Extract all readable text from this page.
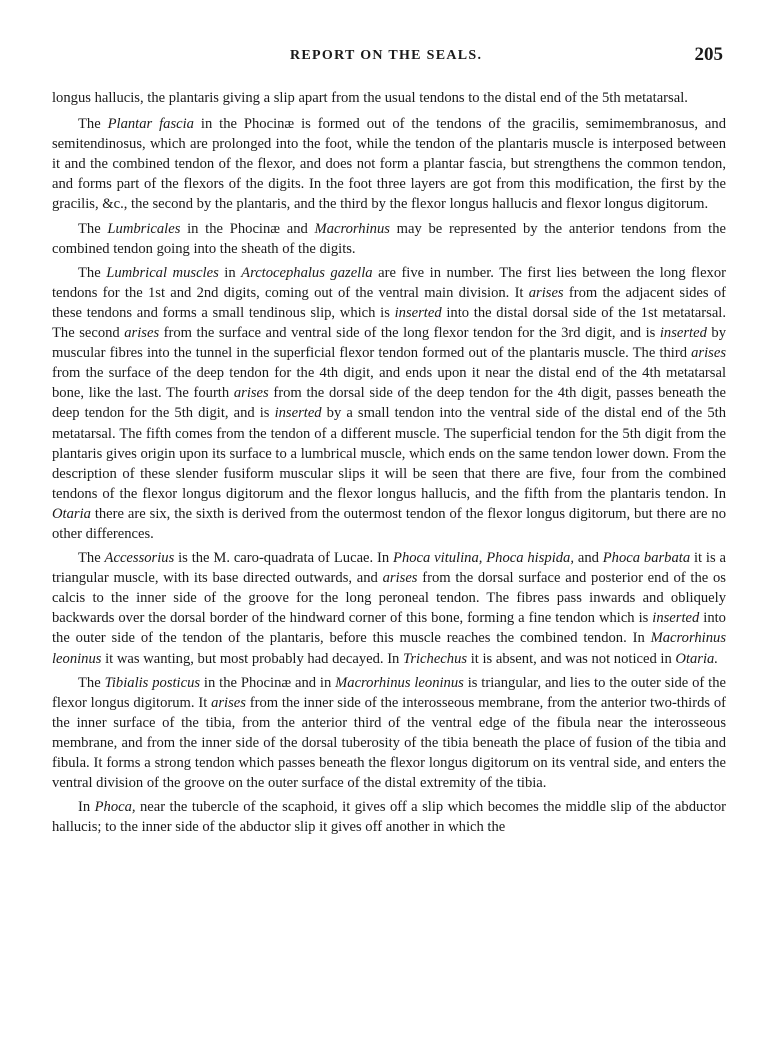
REPORT ON THE SEALS.	205

longus hallucis, the plantaris giving a slip apart from the usual tendons to the distal end of the 5th metatarsal.

The Plantar fascia in the Phocinæ is formed out of the tendons of the gracilis, semimembranosus, and semitendinosus, which are prolonged into the foot, while the tendon of the plantaris muscle is interposed between it and the combined tendon of the flexor, and does not form a plantar fascia, but strengthens the common tendon, and forms part of the flexors of the digits. In the foot three layers are got from this modification, the first by the gracilis, &c., the second by the plantaris, and the third by the flexor longus hallucis and flexor longus digitorum.

The Lumbricales in the Phocinæ and Macrorhinus may be represented by the anterior tendons from the combined tendon going into the sheath of the digits.

The Lumbrical muscles in Arctocephalus gazella are five in number. The first lies between the long flexor tendons for the 1st and 2nd digits, coming out of the ventral main division. It arises from the adjacent sides of these tendons and forms a small tendinous slip, which is inserted into the distal dorsal side of the 1st metatarsal. The second arises from the surface and ventral side of the long flexor tendon for the 3rd digit, and is inserted by muscular fibres into the tunnel in the superficial flexor tendon formed out of the plantaris muscle. The third arises from the surface of the deep tendon for the 4th digit, and ends upon it near the distal end of the 4th metatarsal bone, like the last. The fourth arises from the dorsal side of the deep tendon for the 4th digit, passes beneath the deep tendon for the 5th digit, and is inserted by a small tendon into the ventral side of the distal end of the 5th metatarsal. The fifth comes from the tendon of a different muscle. The superficial tendon for the 5th digit from the plantaris gives origin upon its surface to a lumbrical muscle, which ends on the same tendon lower down. From the description of these slender fusiform muscular slips it will be seen that there are five, four from the combined tendons of the flexor longus digitorum and the flexor longus hallucis, and the fifth from the plantaris tendon. In Otaria there are six, the sixth is derived from the outermost tendon of the flexor longus digitorum, but there are no other differences.

The Accessorius is the M. caro-quadrata of Lucae. In Phoca vitulina, Phoca hispida, and Phoca barbata it is a triangular muscle, with its base directed outwards, and arises from the dorsal surface and posterior end of the os calcis to the inner side of the groove for the long peroneal tendon. The fibres pass inwards and obliquely backwards over the dorsal border of the hindward corner of this bone, forming a fine tendon which is inserted into the outer side of the tendon of the plantaris, before this muscle reaches the combined tendon. In Macrorhinus leoninus it was wanting, but most probably had decayed. In Trichechus it is absent, and was not noticed in Otaria.

The Tibialis posticus in the Phocinæ and in Macrorhinus leoninus is triangular, and lies to the outer side of the flexor longus digitorum. It arises from the inner side of the interosseous membrane, from the anterior two-thirds of the inner surface of the tibia, from the anterior third of the ventral edge of the fibula near the interosseous membrane, and from the inner side of the dorsal tuberosity of the tibia beneath the place of fusion of the tibia and fibula. It forms a strong tendon which passes beneath the flexor longus digitorum on its ventral side, and enters the ventral division of the groove on the outer surface of the distal extremity of the tibia.

In Phoca, near the tubercle of the scaphoid, it gives off a slip which becomes the middle slip of the abductor hallucis; to the inner side of the abductor slip it gives off another in which the
